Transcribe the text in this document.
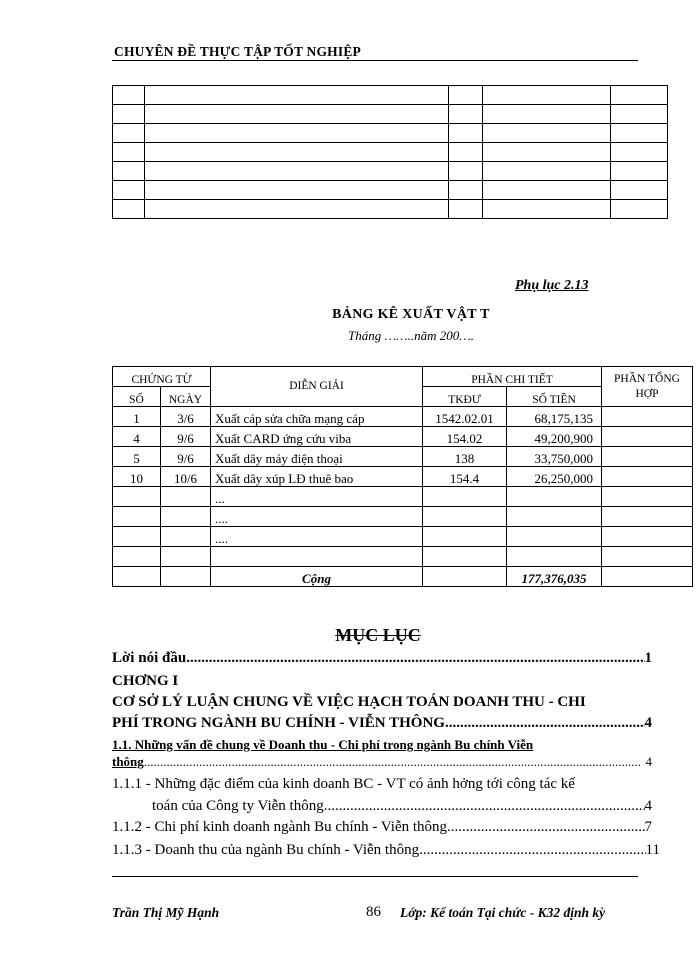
CHUYÊN ĐỀ THỰC TẬP TỐT NGHIỆP

Phụ lục 2.13
BẢNG KÊ XUẤT VẬT T
Tháng ……..năm 200….
CHỨNG TỪ		DIỄN GIẢI	PHẦN CHI TIẾT		PHẦN TỔNG HỢP
SỐ	NGÀY		TKĐƯ	SỐ TIỀN	
1	3/6	Xuất cáp sửa chữa mạng cáp	1542.02.01	68,175,135	
4	9/6	Xuất CARD ứng cứu viba	154.02	49,200,900	
5	9/6	Xuất dây máy điện thoại	138	33,750,000	
10	10/6	Xuất dây xúp LĐ thuê bao	154.4	26,250,000	
		...			
		....			
		....			

		Cộng		177,376,035	
MỤC LỤC
Lời nói đầu .....	1
CHƠNG I
CƠ SỞ LÝ LUẬN CHUNG VỀ VIỆC HẠCH TOÁN DOANH THU - CHI
PHÍ TRONG NGÀNH BU CHÍNH - VIỄN THÔNG .....	4
1.1. Những vấn đề chung về Doanh thu - Chi phí trong ngành Bu chính Viễn
thông .....	4
1.1.1 - Những đặc điểm của kinh doanh BC - VT có ảnh hởng tới công tác kế
toán của Công ty Viễn thông .....	4
1.1.2 - Chi phí kinh doanh ngành Bu chính - Viễn thông .....	7
1.1.3 - Doanh thu của ngành Bu chính - Viễn thông .....	11
Trần Thị Mỹ Hạnh	86 Lớp: Kế toán Tại chức - K32 định kỳ
